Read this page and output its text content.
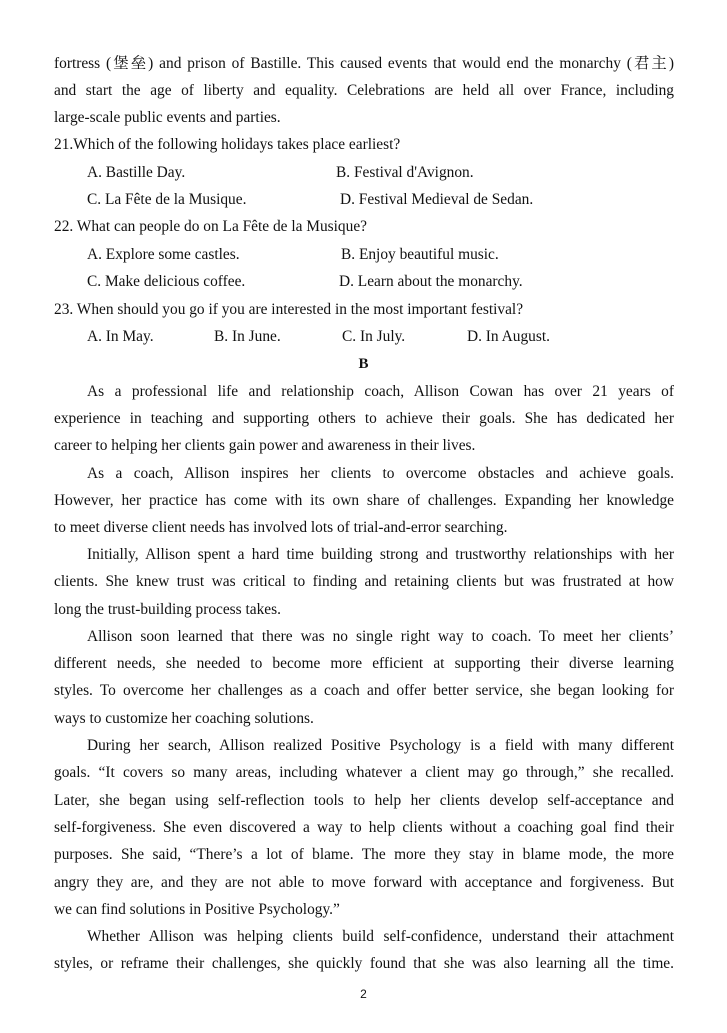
fortress (堡垒) and prison of Bastille. This caused events that would end the monarchy (君主)
and start the age of liberty and equality. Celebrations are held all over France, including
large-scale public events and parties.
21.Which of the following holidays takes place earliest?
A. Bastille Day.	B. Festival d'Avignon.
C. La Fête de la Musique.	D. Festival Medieval de Sedan.
22. What can people do on La Fête de la Musique?
A. Explore some castles.	B. Enjoy beautiful music.
C. Make delicious coffee.	D. Learn about the monarchy.
23. When should you go if you are interested in the most important festival?
A. In May.	B. In June.	C. In July.	D. In August.
B
As a professional life and relationship coach, Allison Cowan has over 21 years of
experience in teaching and supporting others to achieve their goals. She has dedicated her
career to helping her clients gain power and awareness in their lives.
As a coach, Allison inspires her clients to overcome obstacles and achieve goals.
However, her practice has come with its own share of challenges. Expanding her knowledge
to meet diverse client needs has involved lots of trial-and-error searching.
Initially, Allison spent a hard time building strong and trustworthy relationships with her
clients. She knew trust was critical to finding and retaining clients but was frustrated at how
long the trust-building process takes.
Allison soon learned that there was no single right way to coach. To meet her clients’
different needs, she needed to become more efficient at supporting their diverse learning
styles. To overcome her challenges as a coach and offer better service, she began looking for
ways to customize her coaching solutions.
During her search, Allison realized Positive Psychology is a field with many different
goals. “It covers so many areas, including whatever a client may go through,” she recalled.
Later, she began using self-reflection tools to help her clients develop self-acceptance and
self-forgiveness. She even discovered a way to help clients without a coaching goal find their
purposes. She said, “There’s a lot of blame. The more they stay in blame mode, the more
angry they are, and they are not able to move forward with acceptance and forgiveness. But
we can find solutions in Positive Psychology.”
Whether Allison was helping clients build self-confidence, understand their attachment
styles, or reframe their challenges, she quickly found that she was also learning all the time.
2
